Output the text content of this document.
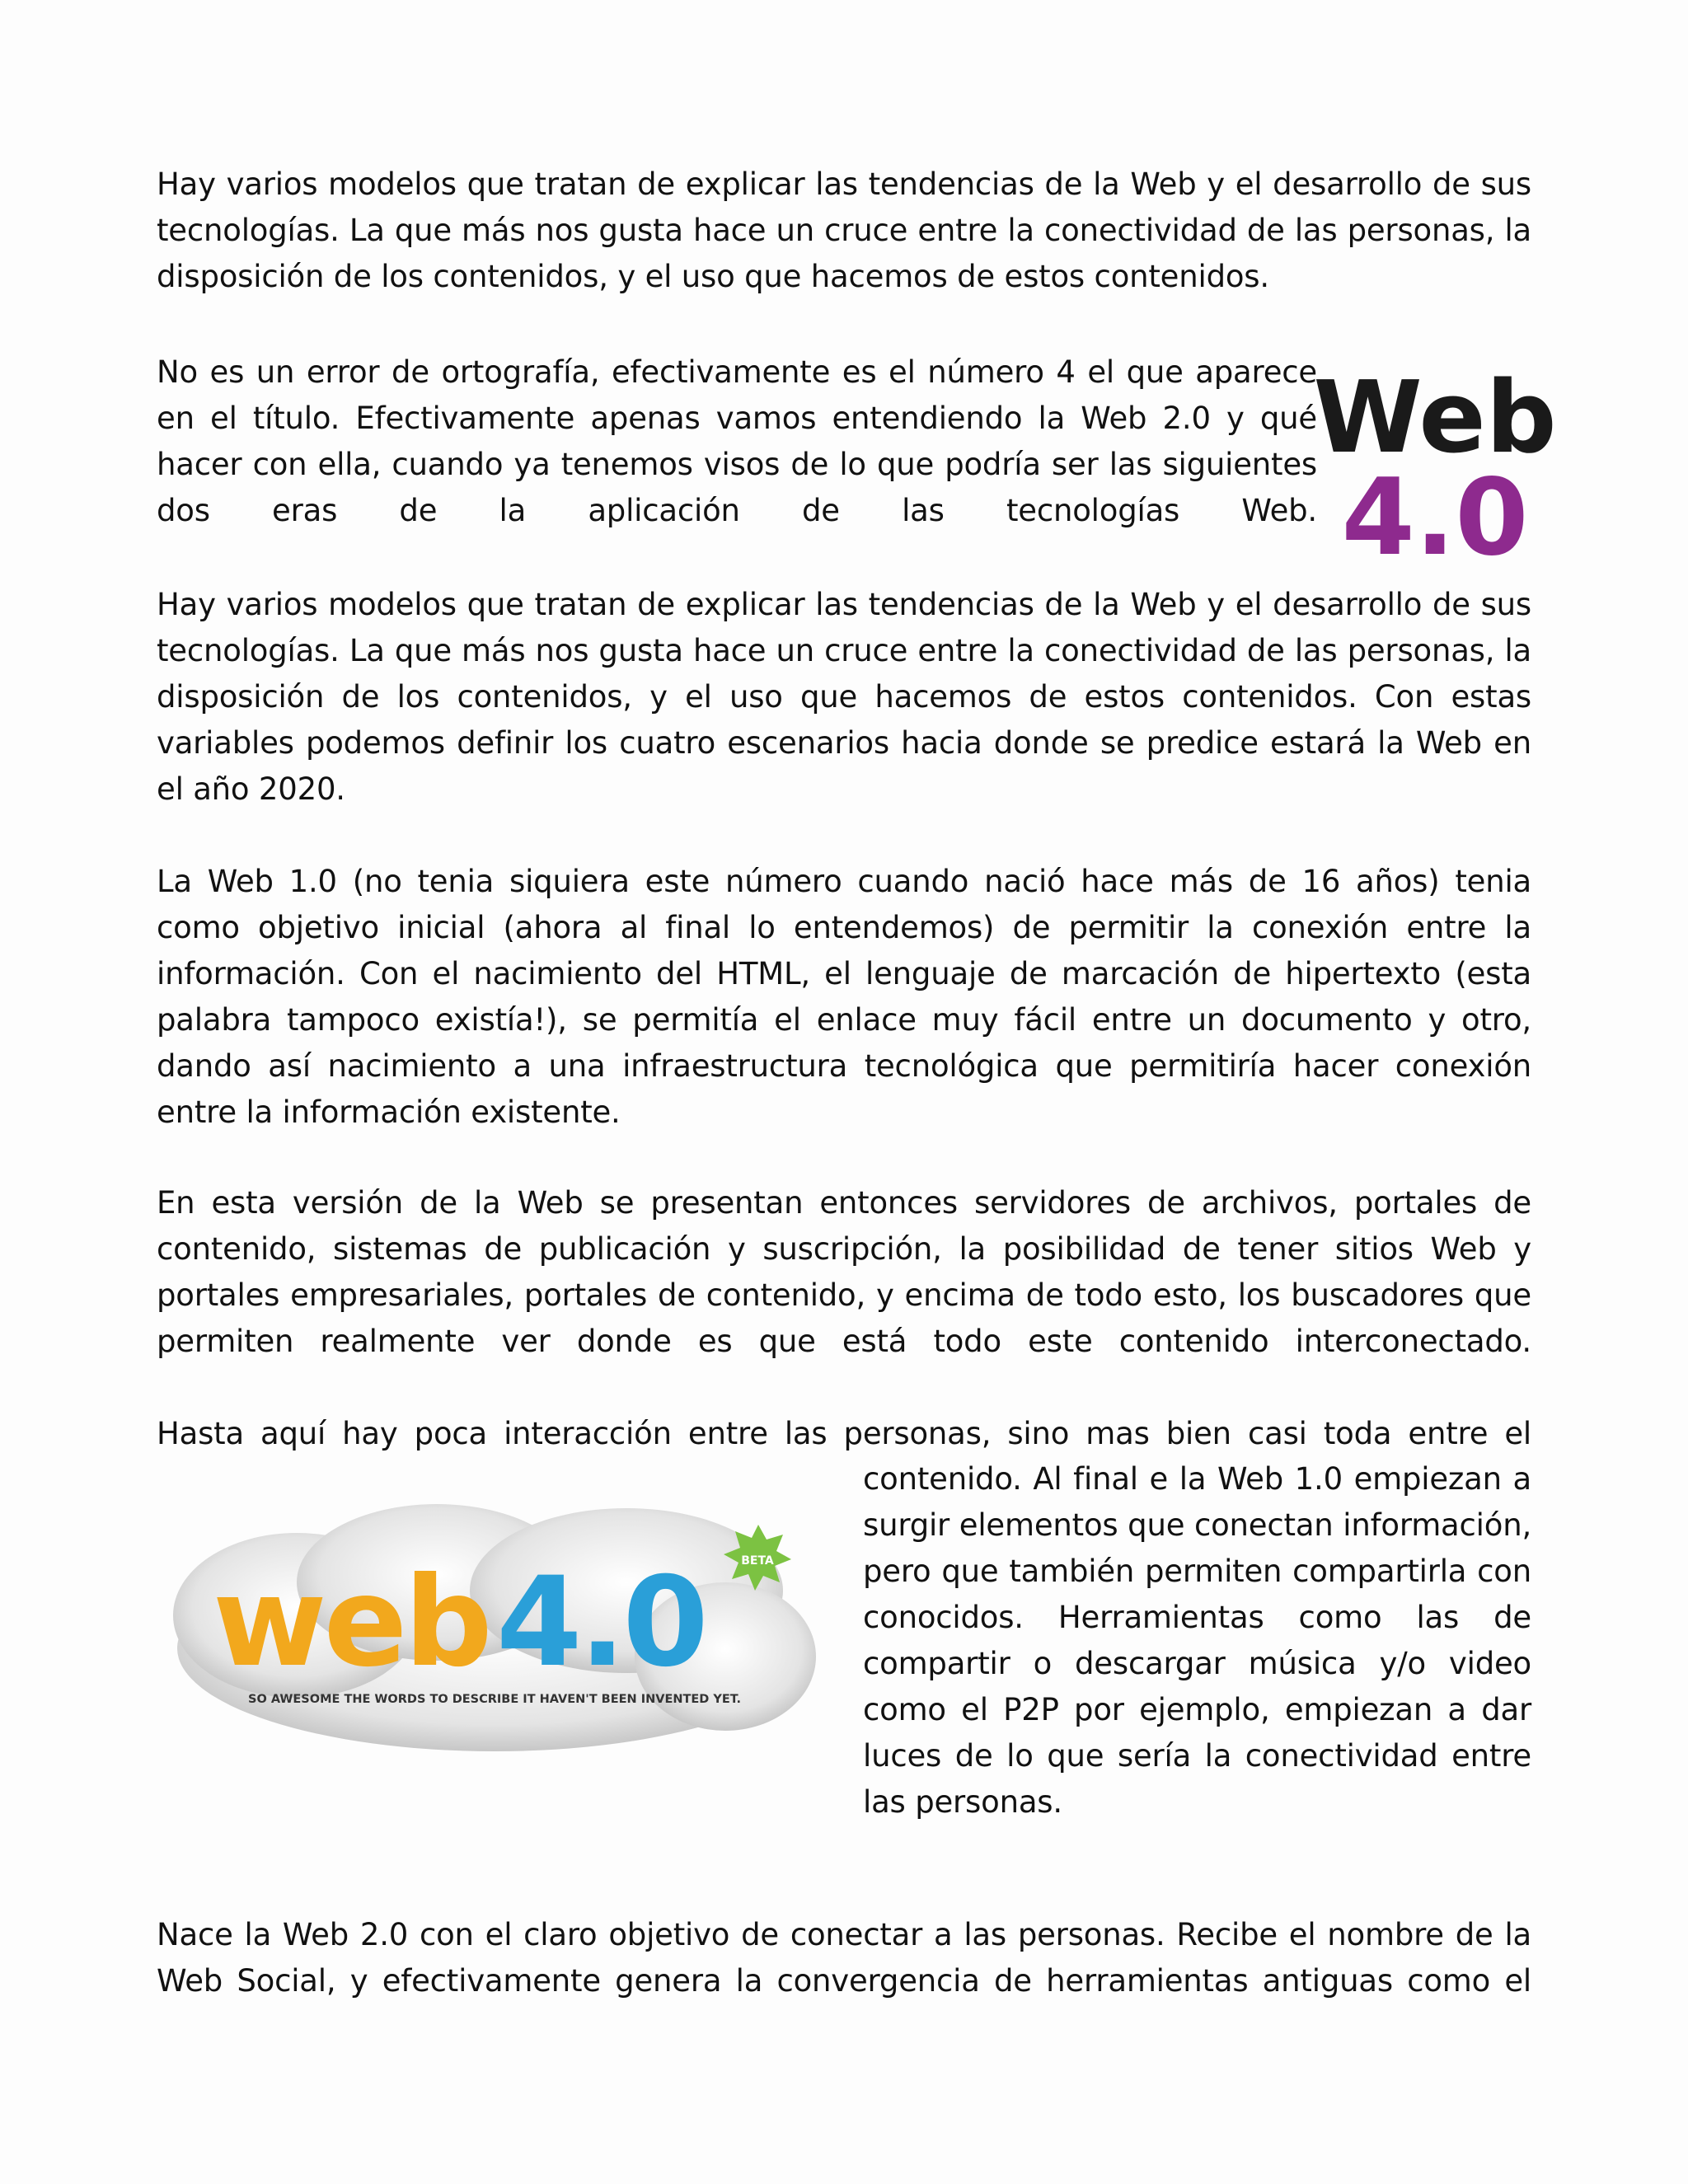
Hay varios modelos que tratan de explicar las tendencias de la Web y el desarrollo de sus tecnologías. La que más nos gusta hace un cruce entre la conectividad de las personas, la disposición de los contenidos, y el uso que hacemos de estos contenidos.

No es un error de ortografía, efectivamente es el número 4 el que aparece en el título. Efectivamente apenas vamos entendiendo la Web 2.0 y qué hacer con ella, cuando ya tenemos visos de lo que podría ser las siguientes dos eras de la aplicación de las tecnologías Web.

Web
4.0

Hay varios modelos que tratan de explicar las tendencias de la Web y el desarrollo de sus tecnologías. La que más nos gusta hace un cruce entre la conectividad de las personas, la disposición de los contenidos, y el uso que hacemos de estos contenidos. Con estas variables podemos definir los cuatro escenarios hacia donde se predice estará la Web en el año 2020.

La Web 1.0 (no tenia siquiera este número cuando nació hace más de 16 años) tenia como objetivo inicial (ahora al final lo entendemos) de permitir la conexión entre la información. Con el nacimiento del HTML, el lenguaje de marcación de hipertexto (esta palabra tampoco existía!), se permitía el enlace muy fácil entre un documento y otro, dando así nacimiento a una infraestructura tecnológica que permitiría hacer conexión entre la información existente.

En esta versión de la Web se presentan entonces servidores de archivos, portales de contenido, sistemas de publicación y suscripción, la posibilidad de tener sitios Web y portales empresariales, portales de contenido, y encima de todo esto, los buscadores que permiten realmente ver donde es que está todo este contenido interconectado.

Hasta aquí hay poca interacción entre las personas, sino mas bien casi toda entre el

web 4.0	BETA
SO AWESOME THE WORDS TO DESCRIBE IT HAVEN'T BEEN INVENTED YET.

contenido. Al final e la Web 1.0 empiezan a surgir elementos que conectan información, pero que también permiten compartirla con conocidos. Herramientas como las de compartir o descargar música y/o video como el P2P por ejemplo, empiezan a dar luces de lo que sería la conectividad entre las personas.

Nace la Web 2.0 con el claro objetivo de conectar a las personas. Recibe el nombre de la Web Social, y efectivamente genera la convergencia de herramientas antiguas como el
